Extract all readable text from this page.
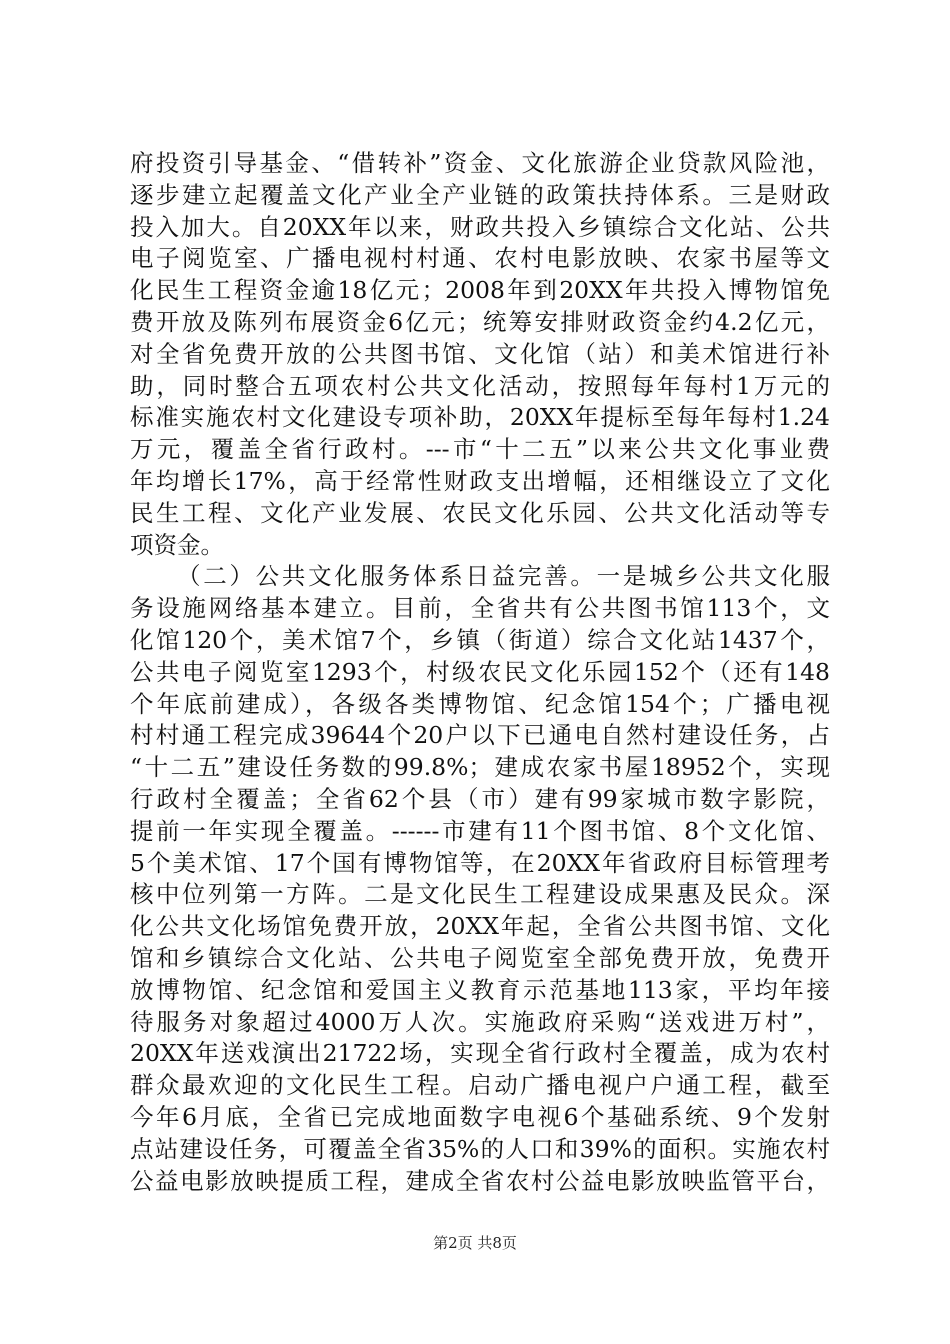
府投资引导基金、“借转补”资金、文化旅游企业贷款风险池，
逐步建立起覆盖文化产业全产业链的政策扶持体系。三是财政
投入加大。自20XX年以来，财政共投入乡镇综合文化站、公共
电子阅览室、广播电视村村通、农村电影放映、农家书屋等文
化民生工程资金逾18亿元；2008年到20XX年共投入博物馆免
费开放及陈列布展资金6亿元；统筹安排财政资金约4.2亿元，
对全省免费开放的公共图书馆、文化馆（站）和美术馆进行补
助，同时整合五项农村公共文化活动，按照每年每村1万元的
标准实施农村文化建设专项补助，20XX年提标至每年每村1.24
万元，覆盖全省行政村。---市“十二五”以来公共文化事业费
年均增长17%，高于经常性财政支出增幅，还相继设立了文化
民生工程、文化产业发展、农民文化乐园、公共文化活动等专
项资金。
（二）公共文化服务体系日益完善。一是城乡公共文化服
务设施网络基本建立。目前，全省共有公共图书馆113个，文
化馆120个，美术馆7个，乡镇（街道）综合文化站1437个，
公共电子阅览室1293个，村级农民文化乐园152个（还有148
个年底前建成），各级各类博物馆、纪念馆154个；广播电视
村村通工程完成39644个20户以下已通电自然村建设任务，占
“十二五”建设任务数的99.8%；建成农家书屋18952个，实现
行政村全覆盖；全省62个县（市）建有99家城市数字影院，
提前一年实现全覆盖。------市建有11个图书馆、8个文化馆、
5个美术馆、17个国有博物馆等，在20XX年省政府目标管理考
核中位列第一方阵。二是文化民生工程建设成果惠及民众。深
化公共文化场馆免费开放，20XX年起，全省公共图书馆、文化
馆和乡镇综合文化站、公共电子阅览室全部免费开放，免费开
放博物馆、纪念馆和爱国主义教育示范基地113家，平均年接
待服务对象超过4000万人次。实施政府采购“送戏进万村”，
20XX年送戏演出21722场，实现全省行政村全覆盖，成为农村
群众最欢迎的文化民生工程。启动广播电视户户通工程，截至
今年6月底，全省已完成地面数字电视6个基础系统、9个发射
点站建设任务，可覆盖全省35%的人口和39%的面积。实施农村
公益电影放映提质工程，建成全省农村公益电影放映监管平台，
第2页 共8页
